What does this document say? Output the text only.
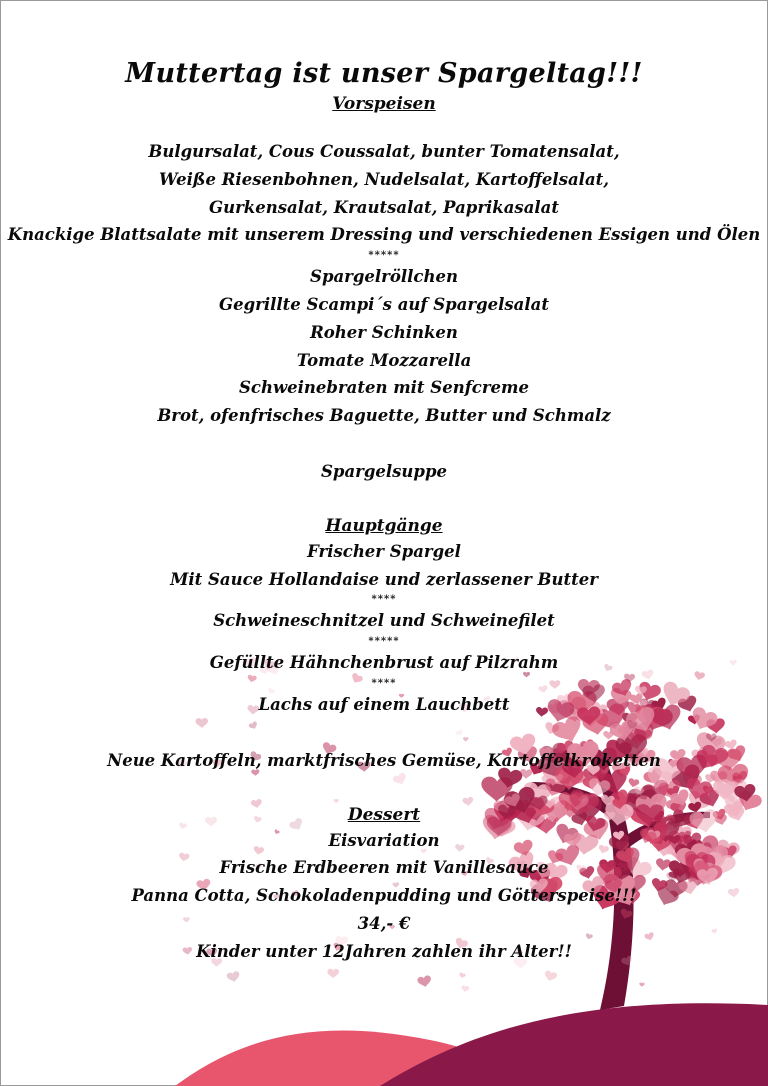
Muttertag ist unser Spargeltag!!!

Vorspeisen

Bulgursalat, Cous Coussalat, bunter Tomatensalat,

Weiße Riesenbohnen, Nudelsalat, Kartoffelsalat,

Gurkensalat, Krautsalat, Paprikasalat

Knackige Blattsalate mit unserem Dressing und verschiedenen Essigen und Ölen

*****

Spargelröllchen

Gegrillte Scampi´s auf Spargelsalat

Roher Schinken

Tomate Mozzarella

Schweinebraten mit Senfcreme

Brot, ofenfrisches Baguette, Butter und Schmalz

Spargelsuppe

Hauptgänge

Frischer Spargel

Mit Sauce Hollandaise und zerlassener Butter

****

Schweineschnitzel und Schweinefilet

*****

Gefüllte Hähnchenbrust auf Pilzrahm

****

Lachs auf einem Lauchbett

Neue Kartoffeln, marktfrisches Gemüse, Kartoffelkroketten

Dessert

Eisvariation

Frische Erdbeeren mit Vanillesauce

Panna Cotta, Schokoladenpudding und Götterspeise!!!

34,- €

Kinder unter 12Jahren zahlen ihr Alter!!
